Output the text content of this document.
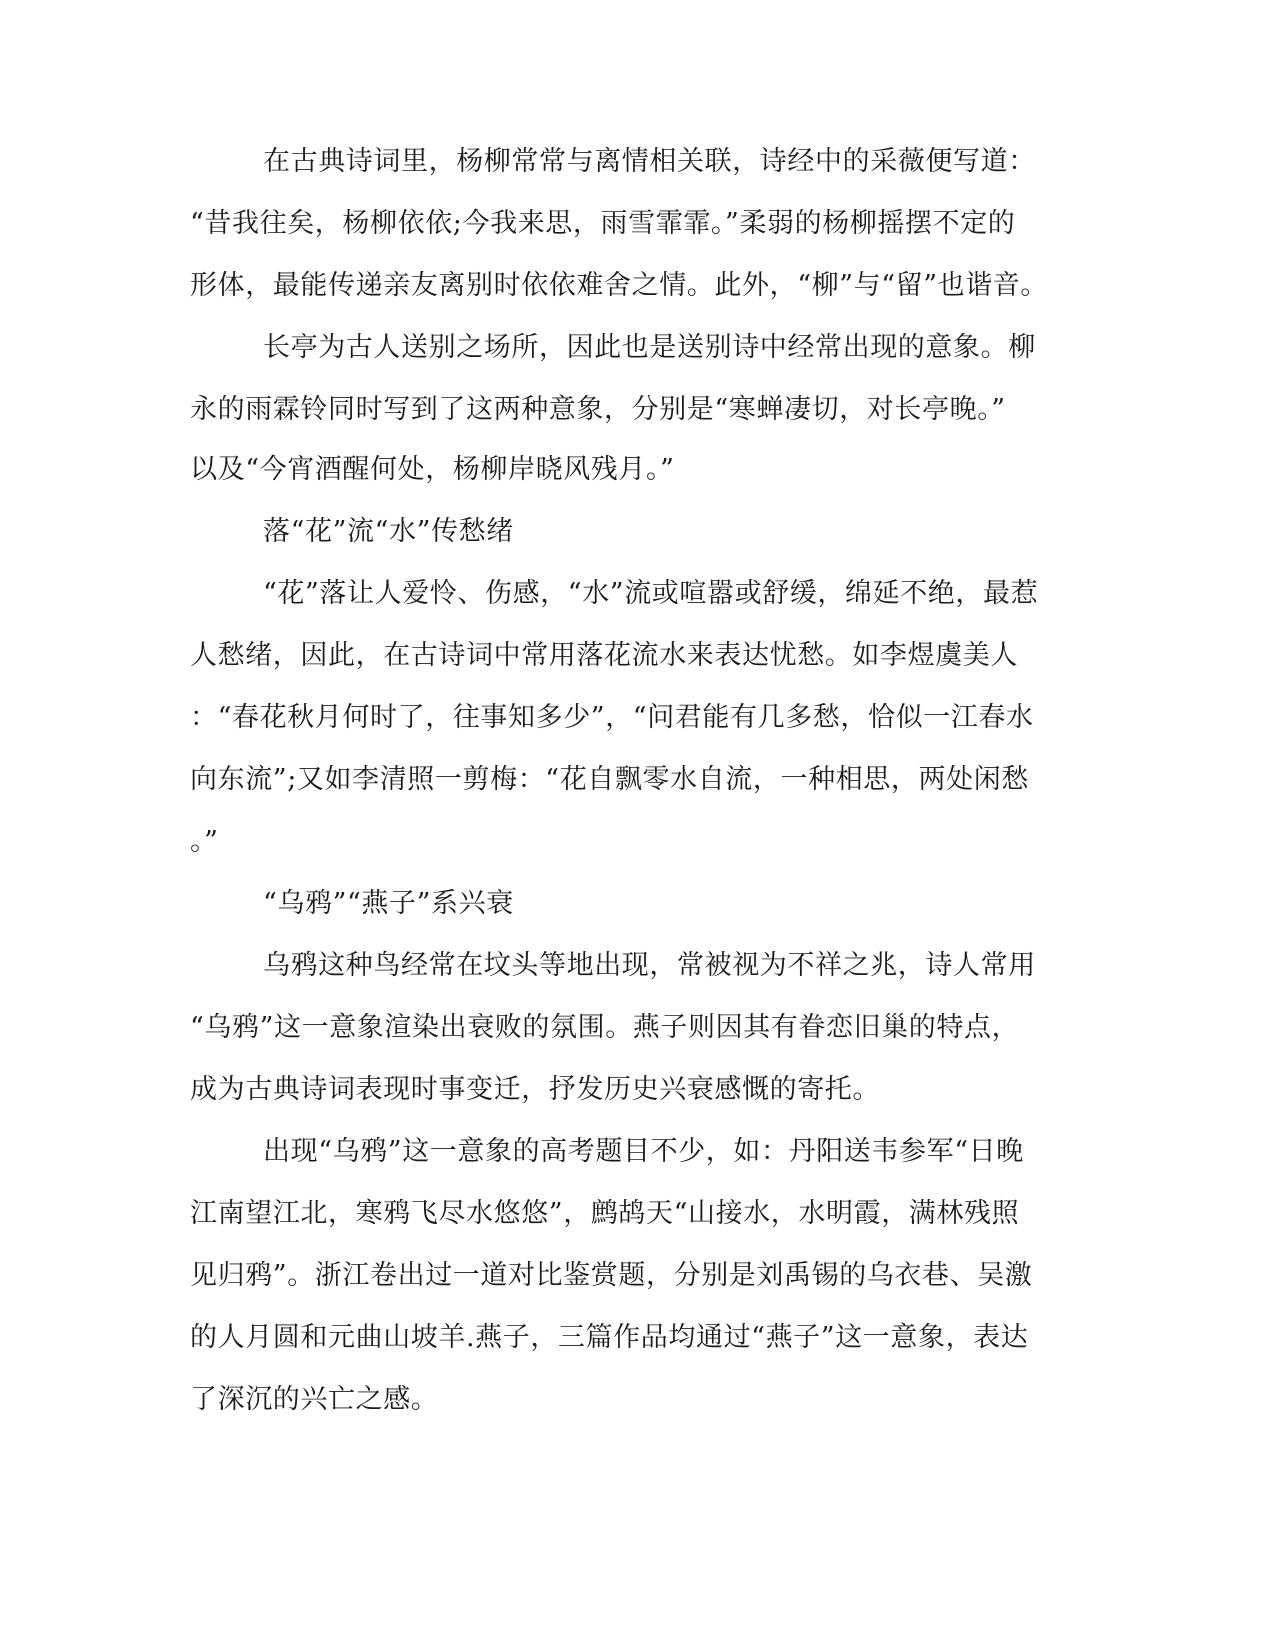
在古典诗词里，杨柳常常与离情相关联，诗经中的采薇便写道：
“昔我往矣，杨柳依依;今我来思，雨雪霏霏。”柔弱的杨柳摇摆不定的
形体，最能传递亲友离别时依依难舍之情。此外，“柳”与“留”也谐音。
长亭为古人送别之场所，因此也是送别诗中经常出现的意象。柳
永的雨霖铃同时写到了这两种意象，分别是“寒蝉凄切，对长亭晚。”
以及“今宵酒醒何处，杨柳岸晓风残月。”
落“花”流“水”传愁绪
“花”落让人爱怜、伤感，“水”流或喧嚣或舒缓，绵延不绝，最惹
人愁绪，因此，在古诗词中常用落花流水来表达忧愁。如李煜虞美人
：“春花秋月何时了，往事知多少”，“问君能有几多愁，恰似一江春水
向东流”;又如李清照一剪梅：“花自飘零水自流，一种相思，两处闲愁
。”
“乌鸦”“燕子”系兴衰
乌鸦这种鸟经常在坟头等地出现，常被视为不祥之兆，诗人常用
“乌鸦”这一意象渲染出衰败的氛围。燕子则因其有眷恋旧巢的特点，
成为古典诗词表现时事变迁，抒发历史兴衰感慨的寄托。
出现“乌鸦”这一意象的高考题目不少，如：丹阳送韦参军“日晚
江南望江北，寒鸦飞尽水悠悠”，鹧鸪天“山接水，水明霞，满林残照
见归鸦”。浙江卷出过一道对比鉴赏题，分别是刘禹锡的乌衣巷、吴激
的人月圆和元曲山坡羊.燕子，三篇作品均通过“燕子”这一意象，表达
了深沉的兴亡之感。
